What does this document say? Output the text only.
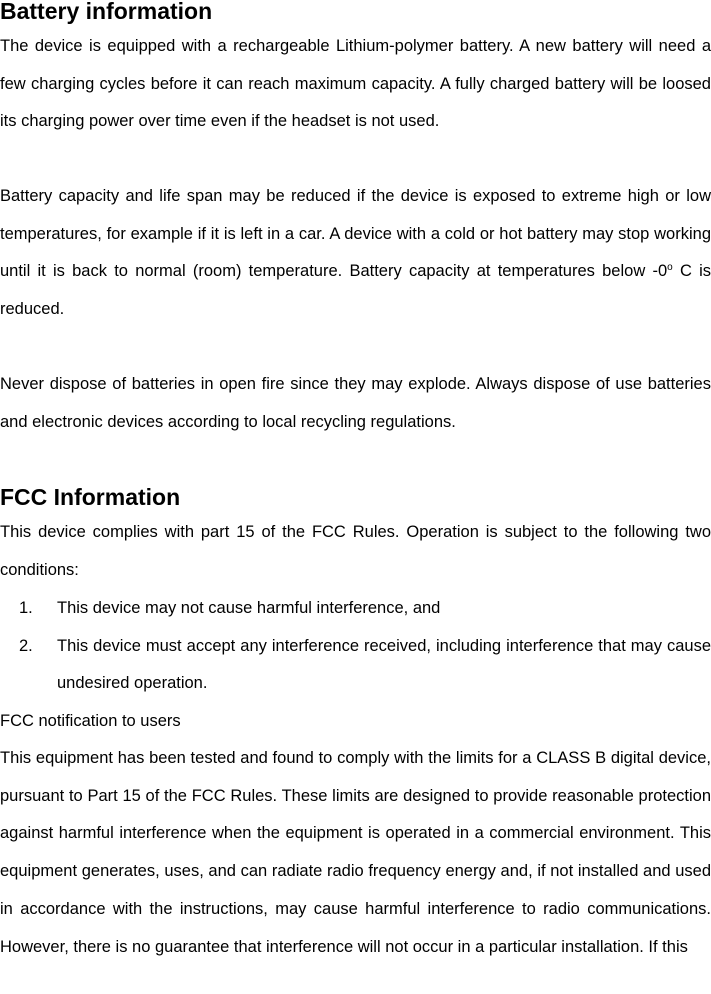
Battery information

The device is equipped with a rechargeable Lithium-polymer battery. A new battery will need a few charging cycles before it can reach maximum capacity. A fully charged battery will be loosed its charging power over time even if the headset is not used.

Battery capacity and life span may be reduced if the device is exposed to extreme high or low temperatures, for example if it is left in a car. A device with a cold or hot battery may stop working until it is back to normal (room) temperature. Battery capacity at temperatures below -0$^o$ C is reduced.

Never dispose of batteries in open fire since they may explode. Always dispose of use batteries and electronic devices according to local recycling regulations.

FCC Information

This device complies with part 15 of the FCC Rules. Operation is subject to the following two conditions:

1. This device may not cause harmful interference, and
2. This device must accept any interference received, including interference that may cause undesired operation.

FCC notification to users

This equipment has been tested and found to comply with the limits for a CLASS B digital device, pursuant to Part 15 of the FCC Rules. These limits are designed to provide reasonable protection against harmful interference when the equipment is operated in a commercial environment. This equipment generates, uses, and can radiate radio frequency energy and, if not installed and used in accordance with the instructions, may cause harmful interference to radio communications. However, there is no guarantee that interference will not occur in a particular installation. If this
